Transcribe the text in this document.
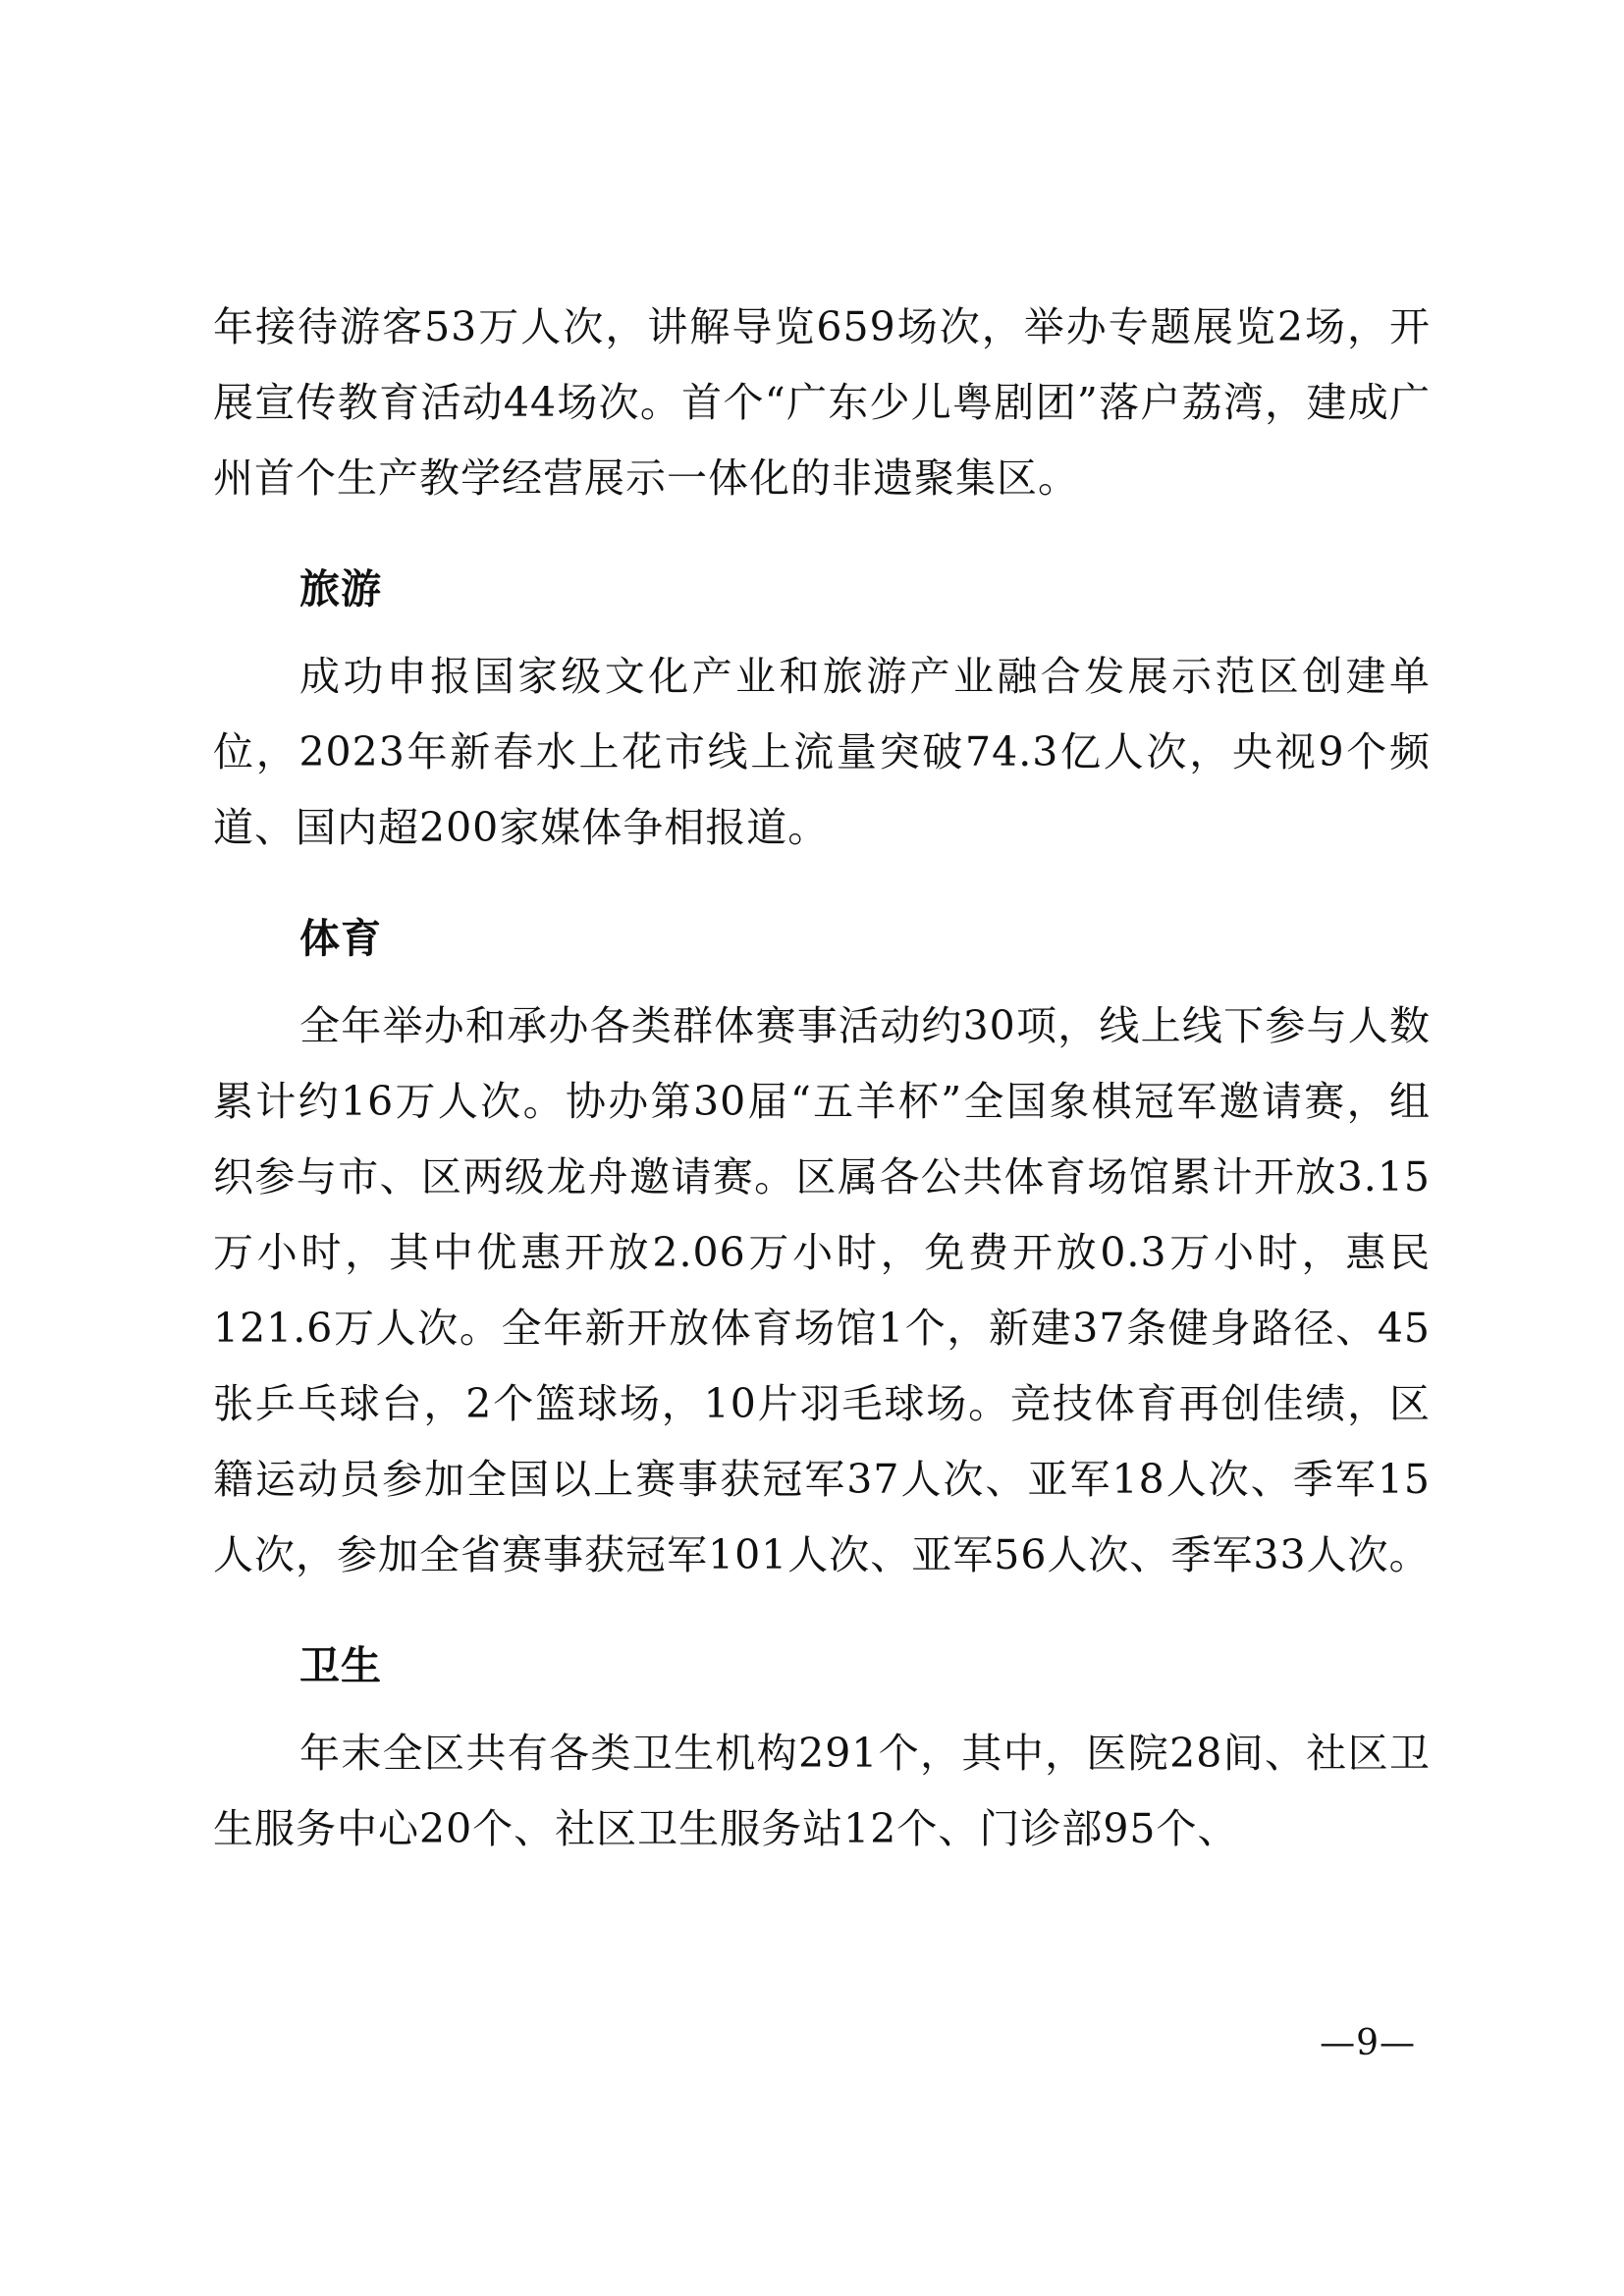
年接待游客53万人次，讲解导览659场次，举办专题展览2场，开展宣传教育活动44场次。首个“广东少儿粤剧团”落户荔湾，建成广州首个生产教学经营展示一体化的非遗聚集区。

旅游

成功申报国家级文化产业和旅游产业融合发展示范区创建单位，2023年新春水上花市线上流量突破74.3亿人次，央视9个频道、国内超200家媒体争相报道。

体育

全年举办和承办各类群体赛事活动约30项，线上线下参与人数累计约16万人次。协办第30届“五羊杯”全国象棋冠军邀请赛，组织参与市、区两级龙舟邀请赛。区属各公共体育场馆累计开放3.15万小时，其中优惠开放2.06万小时，免费开放0.3万小时，惠民121.6万人次。全年新开放体育场馆1个，新建37条健身路径、45张乒乓球台，2个篮球场，10片羽毛球场。竞技体育再创佳绩，区籍运动员参加全国以上赛事获冠军37人次、亚军18人次、季军15人次，参加全省赛事获冠军101人次、亚军56人次、季军33人次。

卫生

年末全区共有各类卫生机构291个，其中，医院28间、社区卫生服务中心20个、社区卫生服务站12个、门诊部95个、

—9—
